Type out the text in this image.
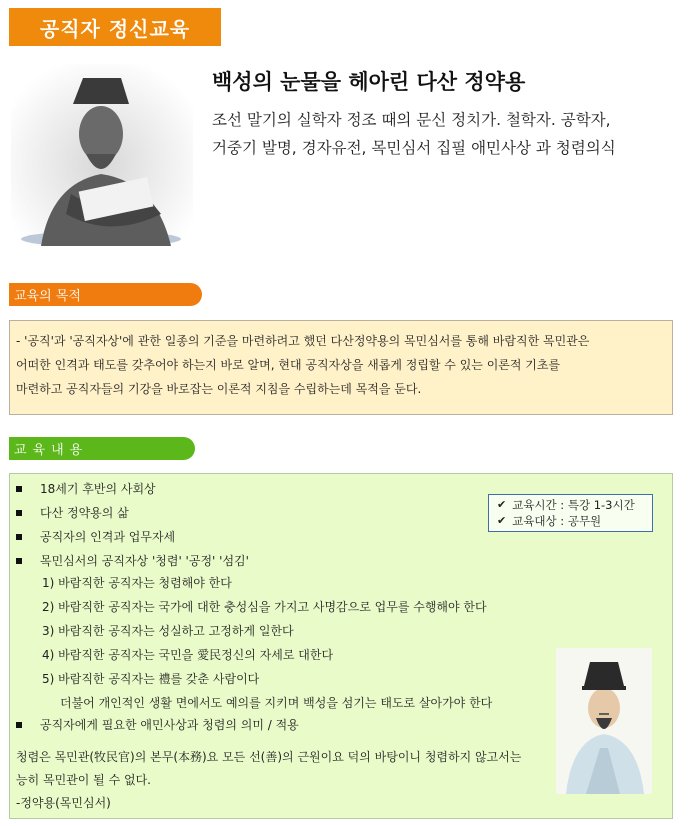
공직자 정신교육
백성의 눈물을 헤아린 다산 정약용
조선 말기의 실학자 정조 때의 문신 정치가. 철학자. 공학자,
거중기 발명, 경자유전, 목민심서 집필 애민사상 과 청렴의식
교육의 목적
- '공직'과 '공직자상'에 관한 일종의 기준을 마련하려고 했던 다산정약용의 목민심서를 통해 바람직한 목민관은
어떠한 인격과 태도를 갖추어야 하는지 바로 알며, 현대 공직자상을 새롭게 정립할 수 있는 이론적 기초를
마련하고 공직자들의 기강을 바로잡는 이론적 지침을 수립하는데 목적을 둔다.
교육내용
18세기 후반의 사회상
다산 정약용의 삶
공직자의 인격과 업무자세
목민심서의 공직자상 '청렴' '공정' '섬김'
1) 바람직한 공직자는 청렴해야 한다
2) 바람직한 공직자는 국가에 대한 충성심을 가지고 사명감으로 업무를 수행해야 한다
3) 바람직한 공직자는 성실하고 고정하게 일한다
4) 바람직한 공직자는 국민을 愛民정신의 자세로 대한다
5) 바람직한 공직자는 禮를 갖춘 사람이다
더불어 개인적인 생활 면에서도 예의를 지키며 백성을 섬기는 태도로 살아가야 한다
공직자에게 필요한 애민사상과 청렴의 의미 / 적용
청렴은 목민관(牧民官)의 본무(本務)요 모든 선(善)의 근원이요 덕의 바탕이니 청렴하지 않고서는
능히 목민관이 될 수 없다.
-정약용(목민심서)
✔ 교육시간 : 특강 1-3시간
✔ 교육대상 : 공무원
